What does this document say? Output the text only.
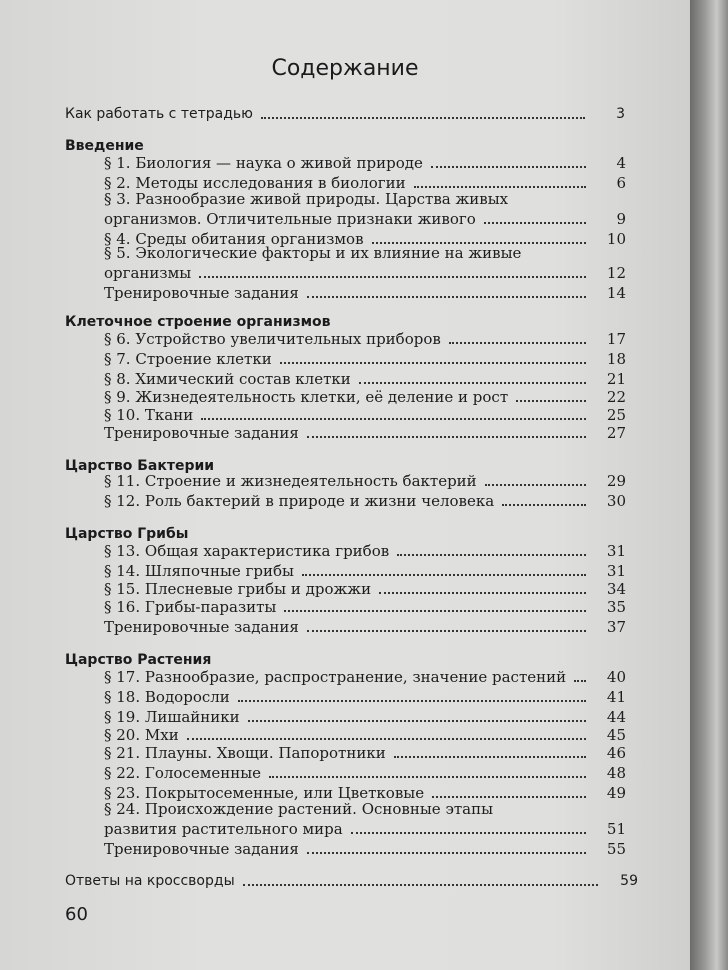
Содержание
Как работать с тетрадью	3
Введение
§ 1. Биология — наука о живой природе	4
§ 2. Методы исследования в биологии	6
§ 3. Разнообразие живой природы. Царства живых
организмов. Отличительные признаки живого	9
§ 4. Среды обитания организмов	10
§ 5. Экологические факторы и их влияние на живые
организмы	12
Тренировочные задания	14
Клеточное строение организмов
§ 6. Устройство увеличительных приборов	17
§ 7. Строение клетки	18
§ 8. Химический состав клетки	21
§ 9. Жизнедеятельность клетки, её деление и рост	22
§ 10. Ткани	25
Тренировочные задания	27
Царство Бактерии
§ 11. Строение и жизнедеятельность бактерий	29
§ 12. Роль бактерий в природе и жизни человека	30
Царство Грибы
§ 13. Общая характеристика грибов	31
§ 14. Шляпочные грибы	31
§ 15. Плесневые грибы и дрожжи	34
§ 16. Грибы-паразиты	35
Тренировочные задания	37
Царство Растения
§ 17. Разнообразие, распространение, значение растений	40
§ 18. Водоросли	41
§ 19. Лишайники	44
§ 20. Мхи	45
§ 21. Плауны. Хвощи. Папоротники	46
§ 22. Голосеменные	48
§ 23. Покрытосеменные, или Цветковые	49
§ 24. Происхождение растений. Основные этапы
развития растительного мира	51
Тренировочные задания	55
Ответы на кроссворды	59
60
